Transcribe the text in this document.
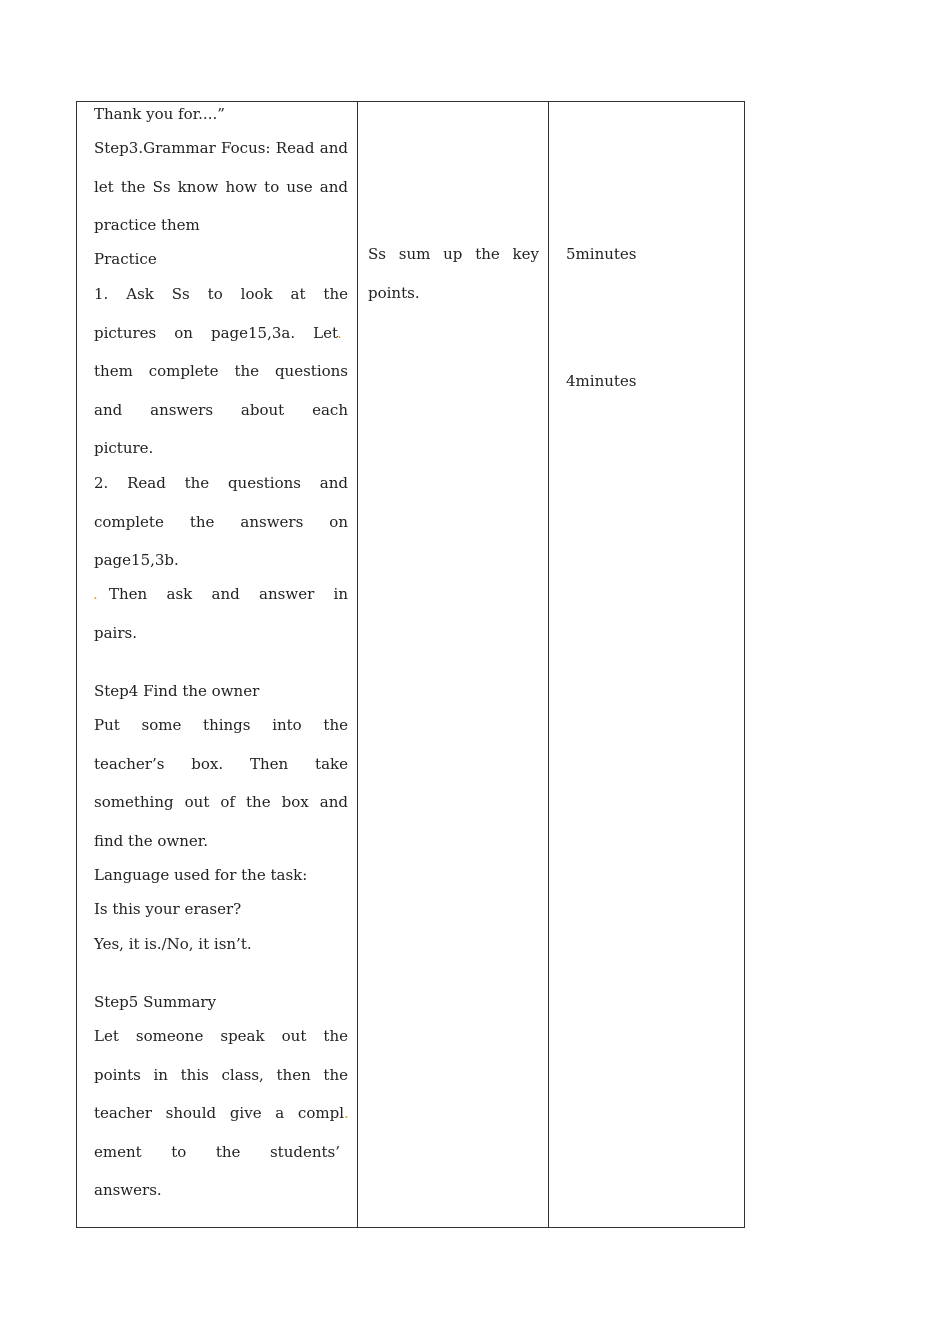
Thank you for....”
Step3.Grammar Focus: Read and
let the Ss know how to use and
practice them
Practice
1. Ask Ss to look at the
pictures on page15,3a. Let .
them complete the questions
and answers about each
picture.
2. Read the questions and
complete the answers on
page15,3b.
. Then ask and answer in
pairs.
Step4 Find the owner
Put some things into the
teacher’s box. Then take
something out of the box and
find the owner.
Language used for the task:
Is this your eraser?
Yes, it is./No, it isn’t.
Step5 Summary
Let someone speak out the
points in this class, then the
teacher should give a compl .
ement to the students’
answers.
Ss sum up the key
points.
5minutes
4minutes
